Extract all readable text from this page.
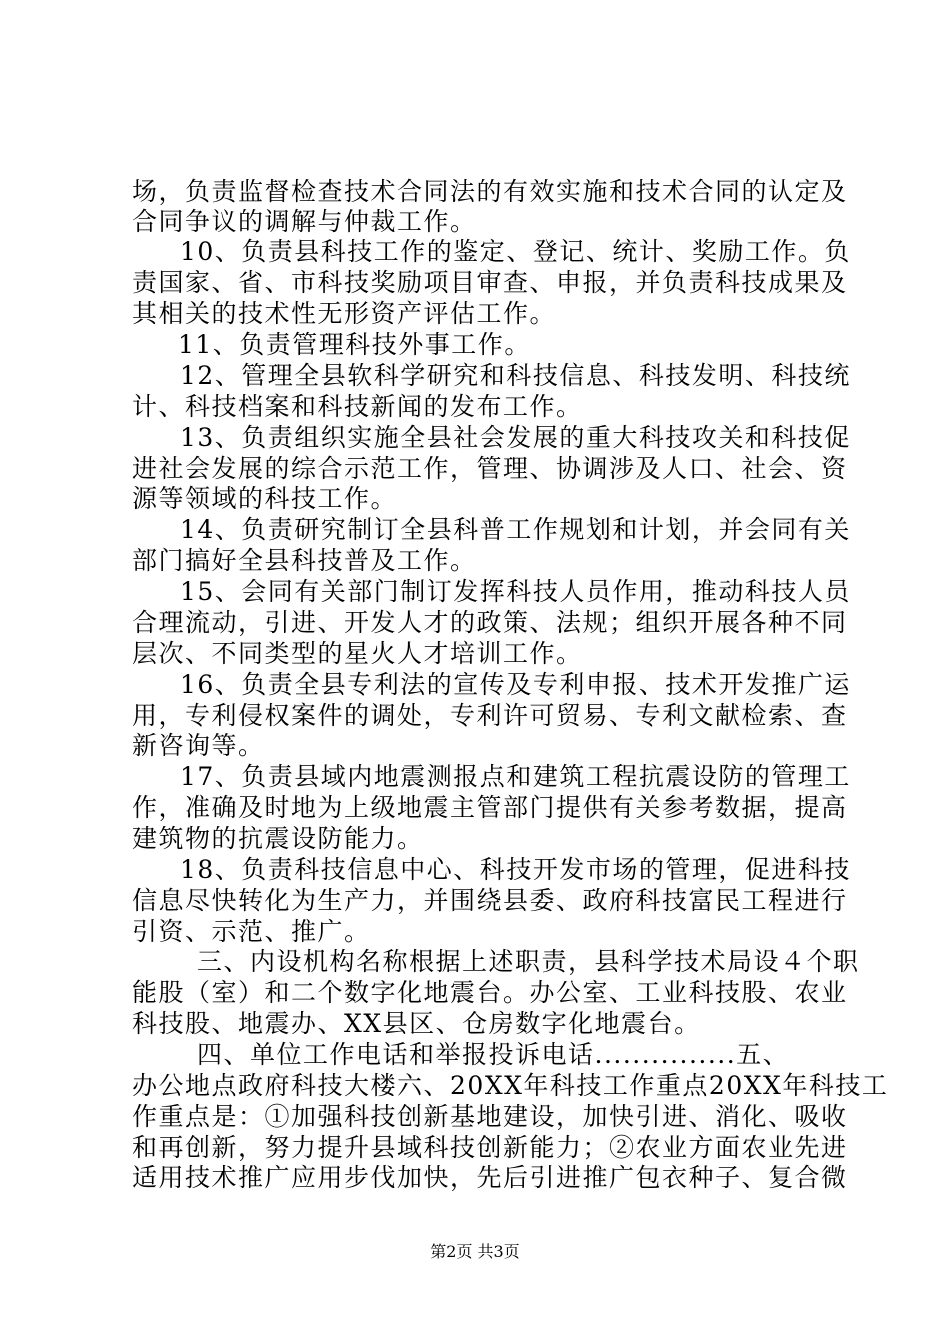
场，负责监督检查技术合同法的有效实施和技术合同的认定及
合同争议的调解与仲裁工作。
10、负责县科技工作的鉴定、登记、统计、奖励工作。负
责国家、省、市科技奖励项目审查、申报，并负责科技成果及
其相关的技术性无形资产评估工作。
11、负责管理科技外事工作。
12、管理全县软科学研究和科技信息、科技发明、科技统
计、科技档案和科技新闻的发布工作。
13、负责组织实施全县社会发展的重大科技攻关和科技促
进社会发展的综合示范工作，管理、协调涉及人口、社会、资
源等领域的科技工作。
14、负责研究制订全县科普工作规划和计划，并会同有关
部门搞好全县科技普及工作。
15、会同有关部门制订发挥科技人员作用，推动科技人员
合理流动，引进、开发人才的政策、法规；组织开展各种不同
层次、不同类型的星火人才培训工作。
16、负责全县专利法的宣传及专利申报、技术开发推广运
用，专利侵权案件的调处，专利许可贸易、专利文献检索、查
新咨询等。
17、负责县域内地震测报点和建筑工程抗震设防的管理工
作，准确及时地为上级地震主管部门提供有关参考数据，提高
建筑物的抗震设防能力。
18、负责科技信息中心、科技开发市场的管理，促进科技
信息尽快转化为生产力，并围绕县委、政府科技富民工程进行
引资、示范、推广。
三、内设机构名称根据上述职责，县科学技术局设４个职
能股（室）和二个数字化地震台。办公室、工业科技股、农业
科技股、地震办、XX县区、仓房数字化地震台。
四、单位工作电话和举报投诉电话...............五、
办公地点政府科技大楼六、20XX年科技工作重点20XX年科技工
作重点是：①加强科技创新基地建设，加快引进、消化、吸收
和再创新，努力提升县域科技创新能力；②农业方面农业先进
适用技术推广应用步伐加快，先后引进推广包衣种子、复合微
第2页 共3页
